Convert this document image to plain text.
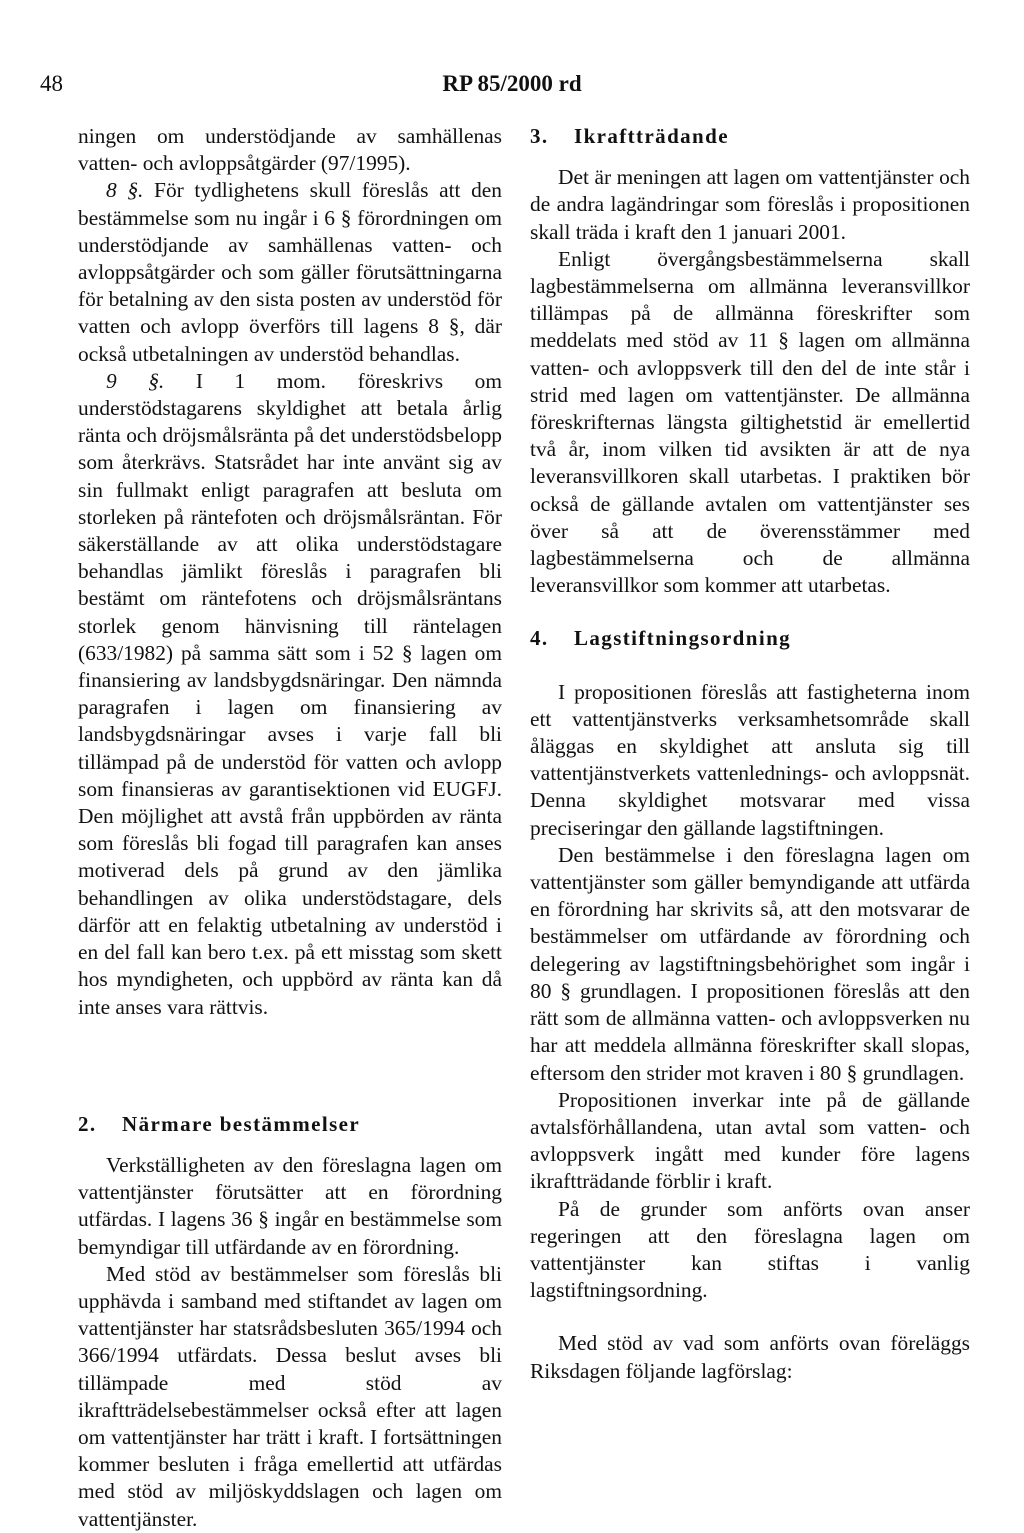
48	RP 85/2000 rd

ningen om understödjande av samhällenas vatten- och avloppsåtgärder (97/1995).

8 §. För tydlighetens skull föreslås att den bestämmelse som nu ingår i 6 § förordningen om understödjande av samhällenas vatten- och avloppsåtgärder och som gäller förutsättningarna för betalning av den sista posten av understöd för vatten och avlopp överförs till lagens 8 §, där också utbetalningen av understöd behandlas.

9 §. I 1 mom. föreskrivs om understödstagarens skyldighet att betala årlig ränta och dröjsmålsränta på det understödsbelopp som återkrävs. Statsrådet har inte använt sig av sin fullmakt enligt paragrafen att besluta om storleken på räntefoten och dröjsmålsräntan. För säkerställande av att olika understödstagare behandlas jämlikt föreslås i paragrafen bli bestämt om räntefotens och dröjsmålsräntans storlek genom hänvisning till räntelagen (633/1982) på samma sätt som i 52 § lagen om finansiering av landsbygdsnäringar. Den nämnda paragrafen i lagen om finansiering av landsbygdsnäringar avses i varje fall bli tillämpad på de understöd för vatten och avlopp som finansieras av garantisektionen vid EUGFJ. Den möjlighet att avstå från uppbörden av ränta som föreslås bli fogad till paragrafen kan anses motiverad dels på grund av den jämlika behandlingen av olika understödstagare, dels därför att en felaktig utbetalning av understöd i en del fall kan bero t.ex. på ett misstag som skett hos myndigheten, och uppbörd av ränta kan då inte anses vara rättvis.

2.	Närmare bestämmelser

Verkställigheten av den föreslagna lagen om vattentjänster förutsätter att en förordning utfärdas. I lagens 36 § ingår en bestämmelse som bemyndigar till utfärdande av en förordning.

Med stöd av bestämmelser som föreslås bli upphävda i samband med stiftandet av lagen om vattentjänster har statsrådsbesluten 365/1994 och 366/1994 utfärdats. Dessa beslut avses bli tillämpade med stöd av ikraftträdelsebestämmelser också efter att lagen om vattentjänster har trätt i kraft. I fortsättningen kommer besluten i fråga emellertid att utfärdas med stöd av miljöskyddslagen och lagen om vattentjänster.

3.	Ikraftträdande

Det är meningen att lagen om vattentjänster och de andra lagändringar som föreslås i propositionen skall träda i kraft den 1 januari 2001.

Enligt övergångsbestämmelserna skall lagbestämmelserna om allmänna leveransvillkor tillämpas på de allmänna föreskrifter som meddelats med stöd av 11 § lagen om allmänna vatten- och avloppsverk till den del de inte står i strid med lagen om vattentjänster. De allmänna föreskrifternas längsta giltighetstid är emellertid två år, inom vilken tid avsikten är att de nya leveransvillkoren skall utarbetas. I praktiken bör också de gällande avtalen om vattentjänster ses över så att de överensstämmer med lagbestämmelserna och de allmänna leveransvillkor som kommer att utarbetas.

4.	Lagstiftningsordning

I propositionen föreslås att fastigheterna inom ett vattentjänstverks verksamhetsområde skall åläggas en skyldighet att ansluta sig till vattentjänstverkets vattenlednings- och avloppsnät. Denna skyldighet motsvarar med vissa preciseringar den gällande lagstiftningen.

Den bestämmelse i den föreslagna lagen om vattentjänster som gäller bemyndigande att utfärda en förordning har skrivits så, att den motsvarar de bestämmelser om utfärdande av förordning och delegering av lagstiftningsbehörighet som ingår i 80 § grundlagen. I propositionen föreslås att den rätt som de allmänna vatten- och avloppsverken nu har att meddela allmänna föreskrifter skall slopas, eftersom den strider mot kraven i 80 § grundlagen.

Propositionen inverkar inte på de gällande avtalsförhållandena, utan avtal som vatten- och avloppsverk ingått med kunder före lagens ikraftträdande förblir i kraft.

På de grunder som anförts ovan anser regeringen att den föreslagna lagen om vattentjänster kan stiftas i vanlig lagstiftningsordning.

Med stöd av vad som anförts ovan föreläggs Riksdagen följande lagförslag:
